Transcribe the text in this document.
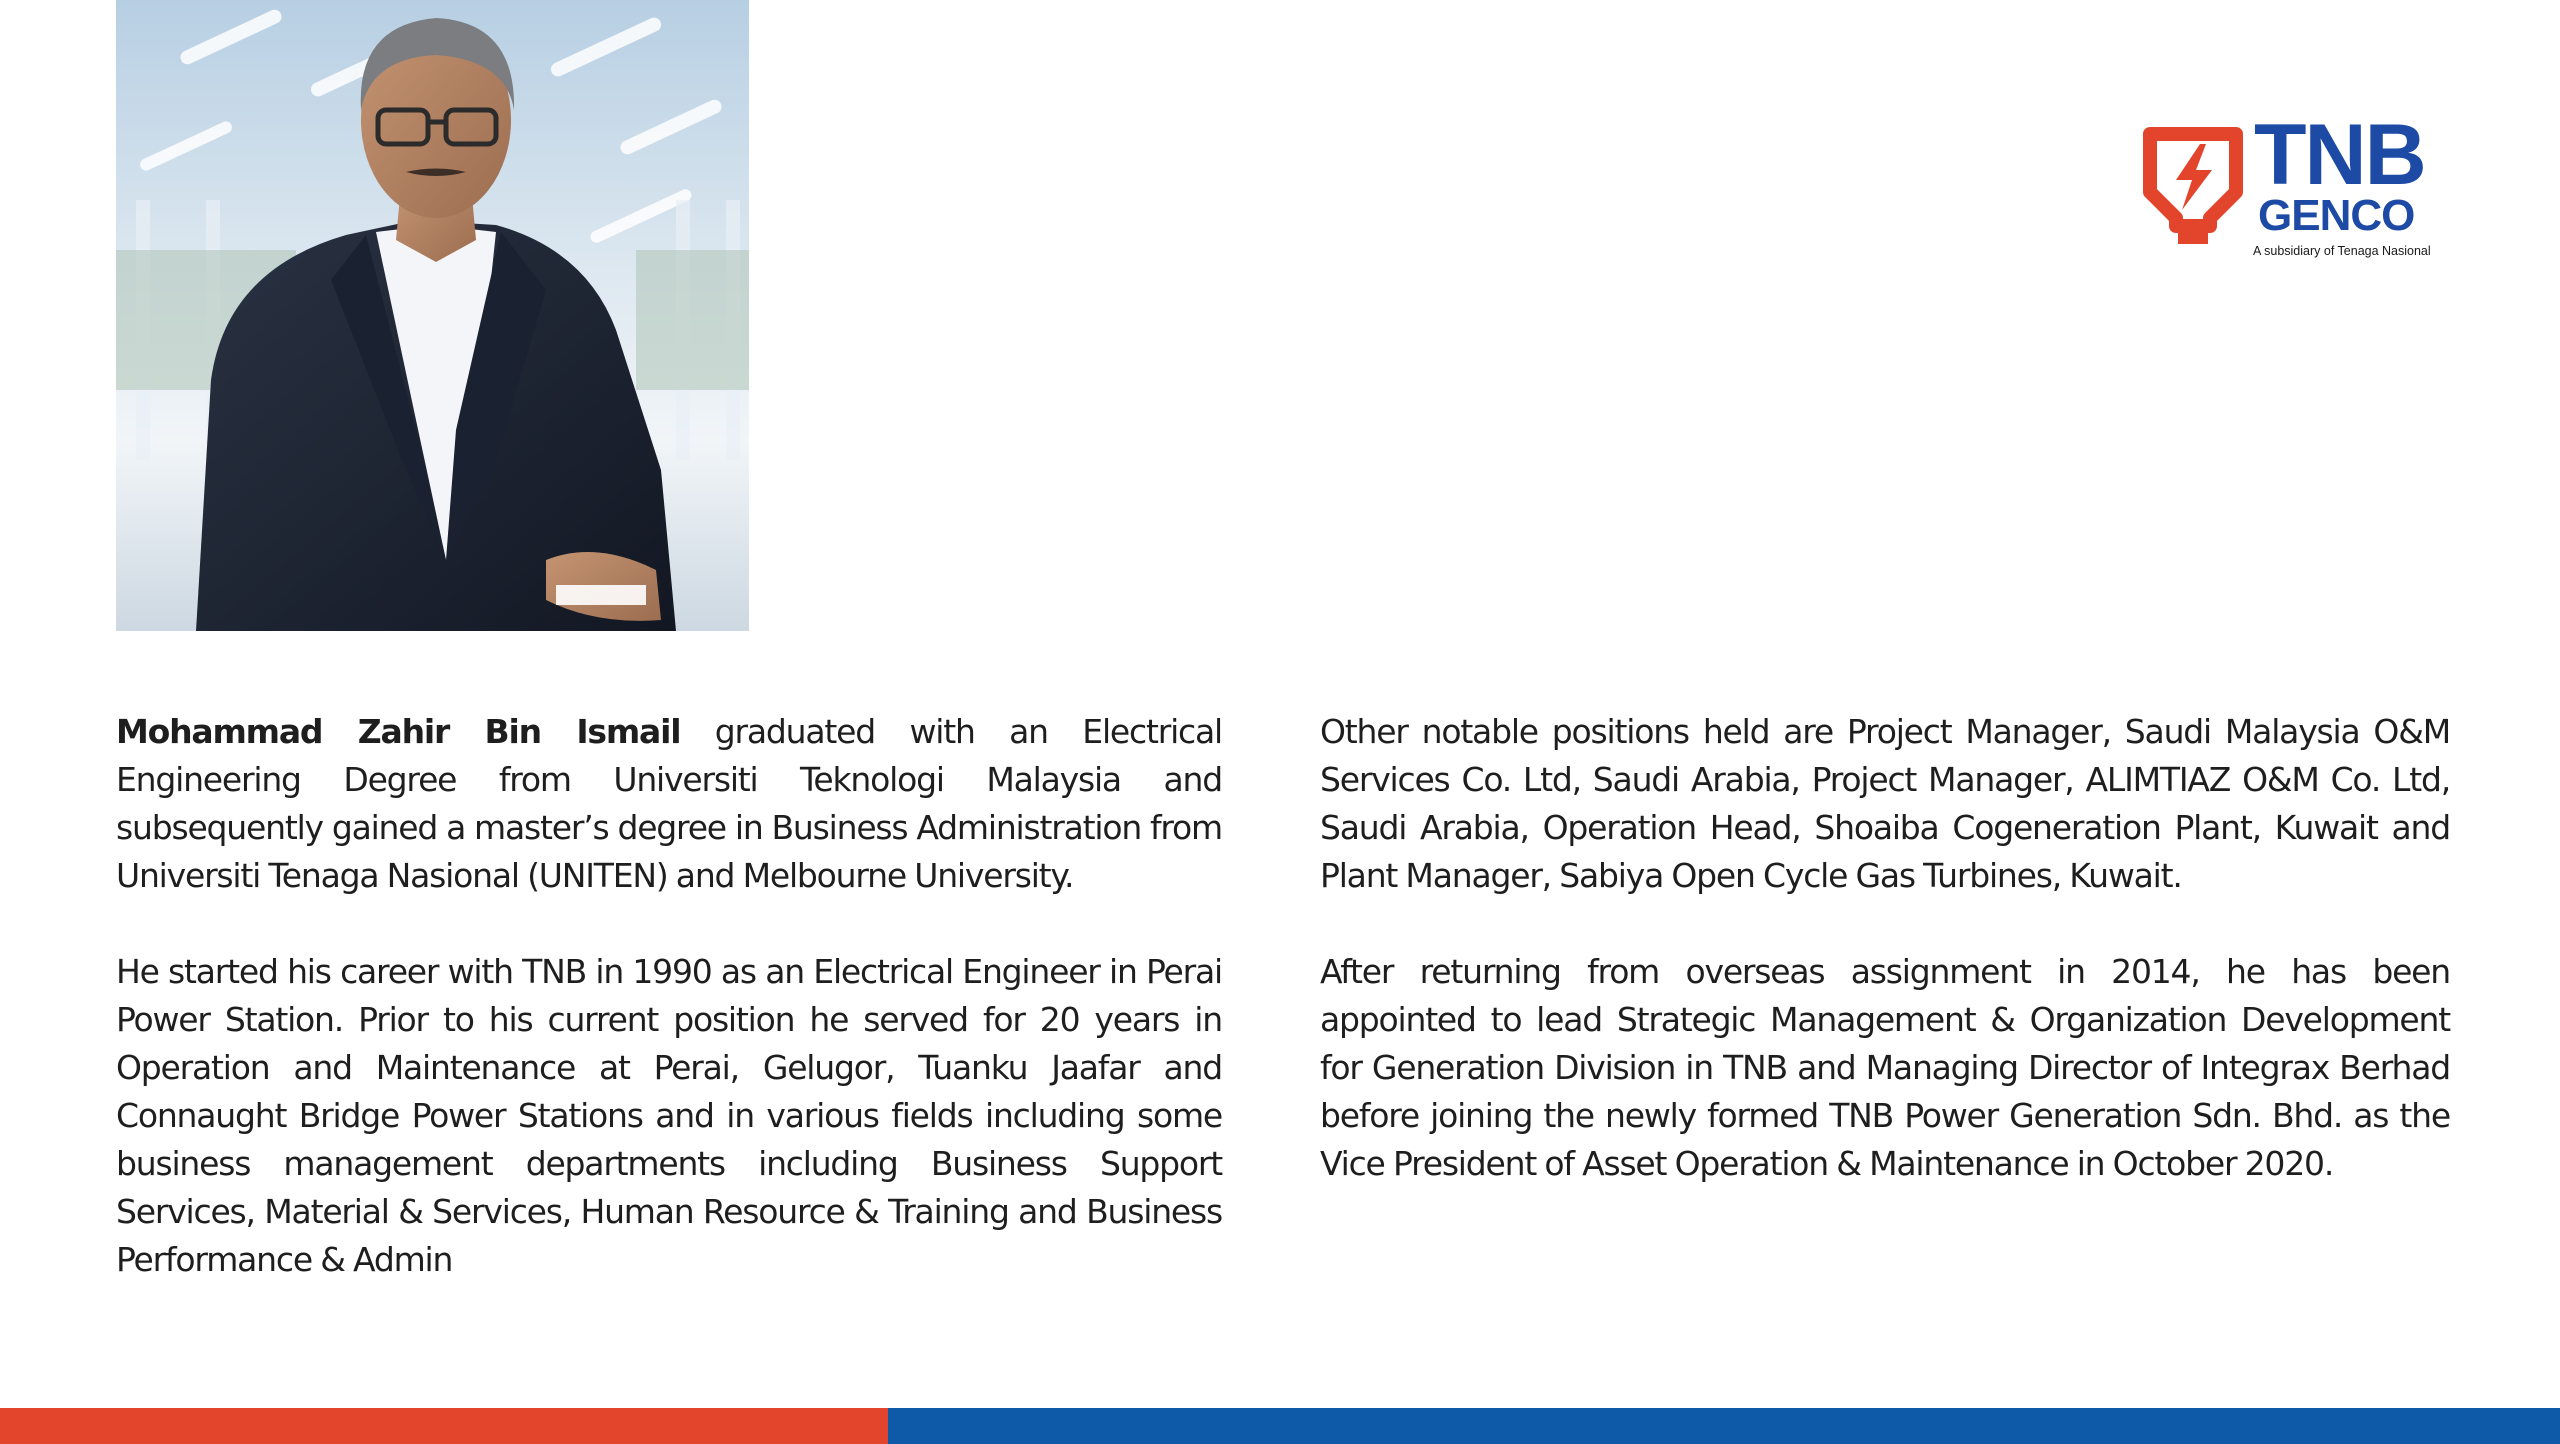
TNB
GENCO
A subsidiary of Tenaga Nasional

Mohammad Zahir Bin Ismail graduated with an Electrical Engineering Degree from Universiti Teknologi Malaysia and subsequently gained a master’s degree in Business Administration from Universiti Tenaga Nasional (UNITEN) and Melbourne University.

He started his career with TNB in 1990 as an Electrical Engineer in Perai Power Station. Prior to his current position he served for 20 years in Operation and Maintenance at Perai, Gelugor, Tuanku Jaafar and Connaught Bridge Power Stations and in various fields including some business management departments including Business Support Services, Material & Services, Human Resource & Training and Business Performance & Admin

Other notable positions held are Project Manager, Saudi Malaysia O&M Services Co. Ltd, Saudi Arabia, Project Manager, ALIMTIAZ O&M Co. Ltd, Saudi Arabia, Operation Head, Shoaiba Cogeneration Plant, Kuwait and Plant Manager, Sabiya Open Cycle Gas Turbines, Kuwait.

After returning from overseas assignment in 2014, he has been appointed to lead Strategic Management & Organization Development for Generation Division in TNB and Managing Director of Integrax Berhad before joining the newly formed TNB Power Generation Sdn. Bhd. as the Vice President of Asset Operation & Maintenance in October 2020.
